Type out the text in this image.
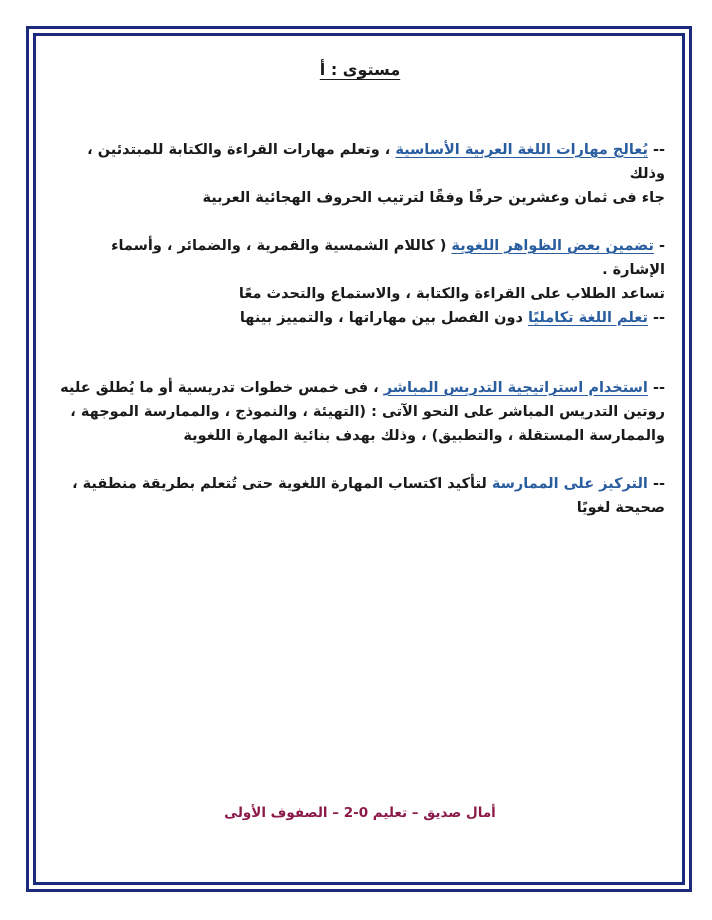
مستوى : أ
-- يُعالج مهارات اللغة العربية الأساسية ، وتعلم مهارات القراءة والكتابة للمبتدئين ، وذلك
جاء فى ثمان وعشرين حرفًا وفقًا لترتيب الحروف الهجائية العربية
- تضمين بعض الظواهر اللغوية ( كاللام الشمسية والقمرية ، والضمائر ، وأسماء الإشارة .
تساعد الطلاب على القراءة والكتابة ، والاستماع والتحدث معًا
-- تعلم اللغة تكامليًا دون الفصل بين مهاراتها ، والتمييز بينها
-- استخدام استراتيجية التدريس المباشر ، فى خمس خطوات تدريسية أو ما يُطلق عليه
روتين التدريس المباشر على النحو الآتى : (التهيئة ، والنموذج ، والممارسة الموجهة ،
والممارسة المستقلة ، والتطبيق) ، وذلك بهدف بنائية المهارة اللغوية
-- التركيز على الممارسة لتأكيد اكتساب المهارة اللغوية حتى تُتعلم بطريقة منطقية ،
صحيحة لغويًا
أمال صديق – تعليم 0-2 – الصفوف الأولى
